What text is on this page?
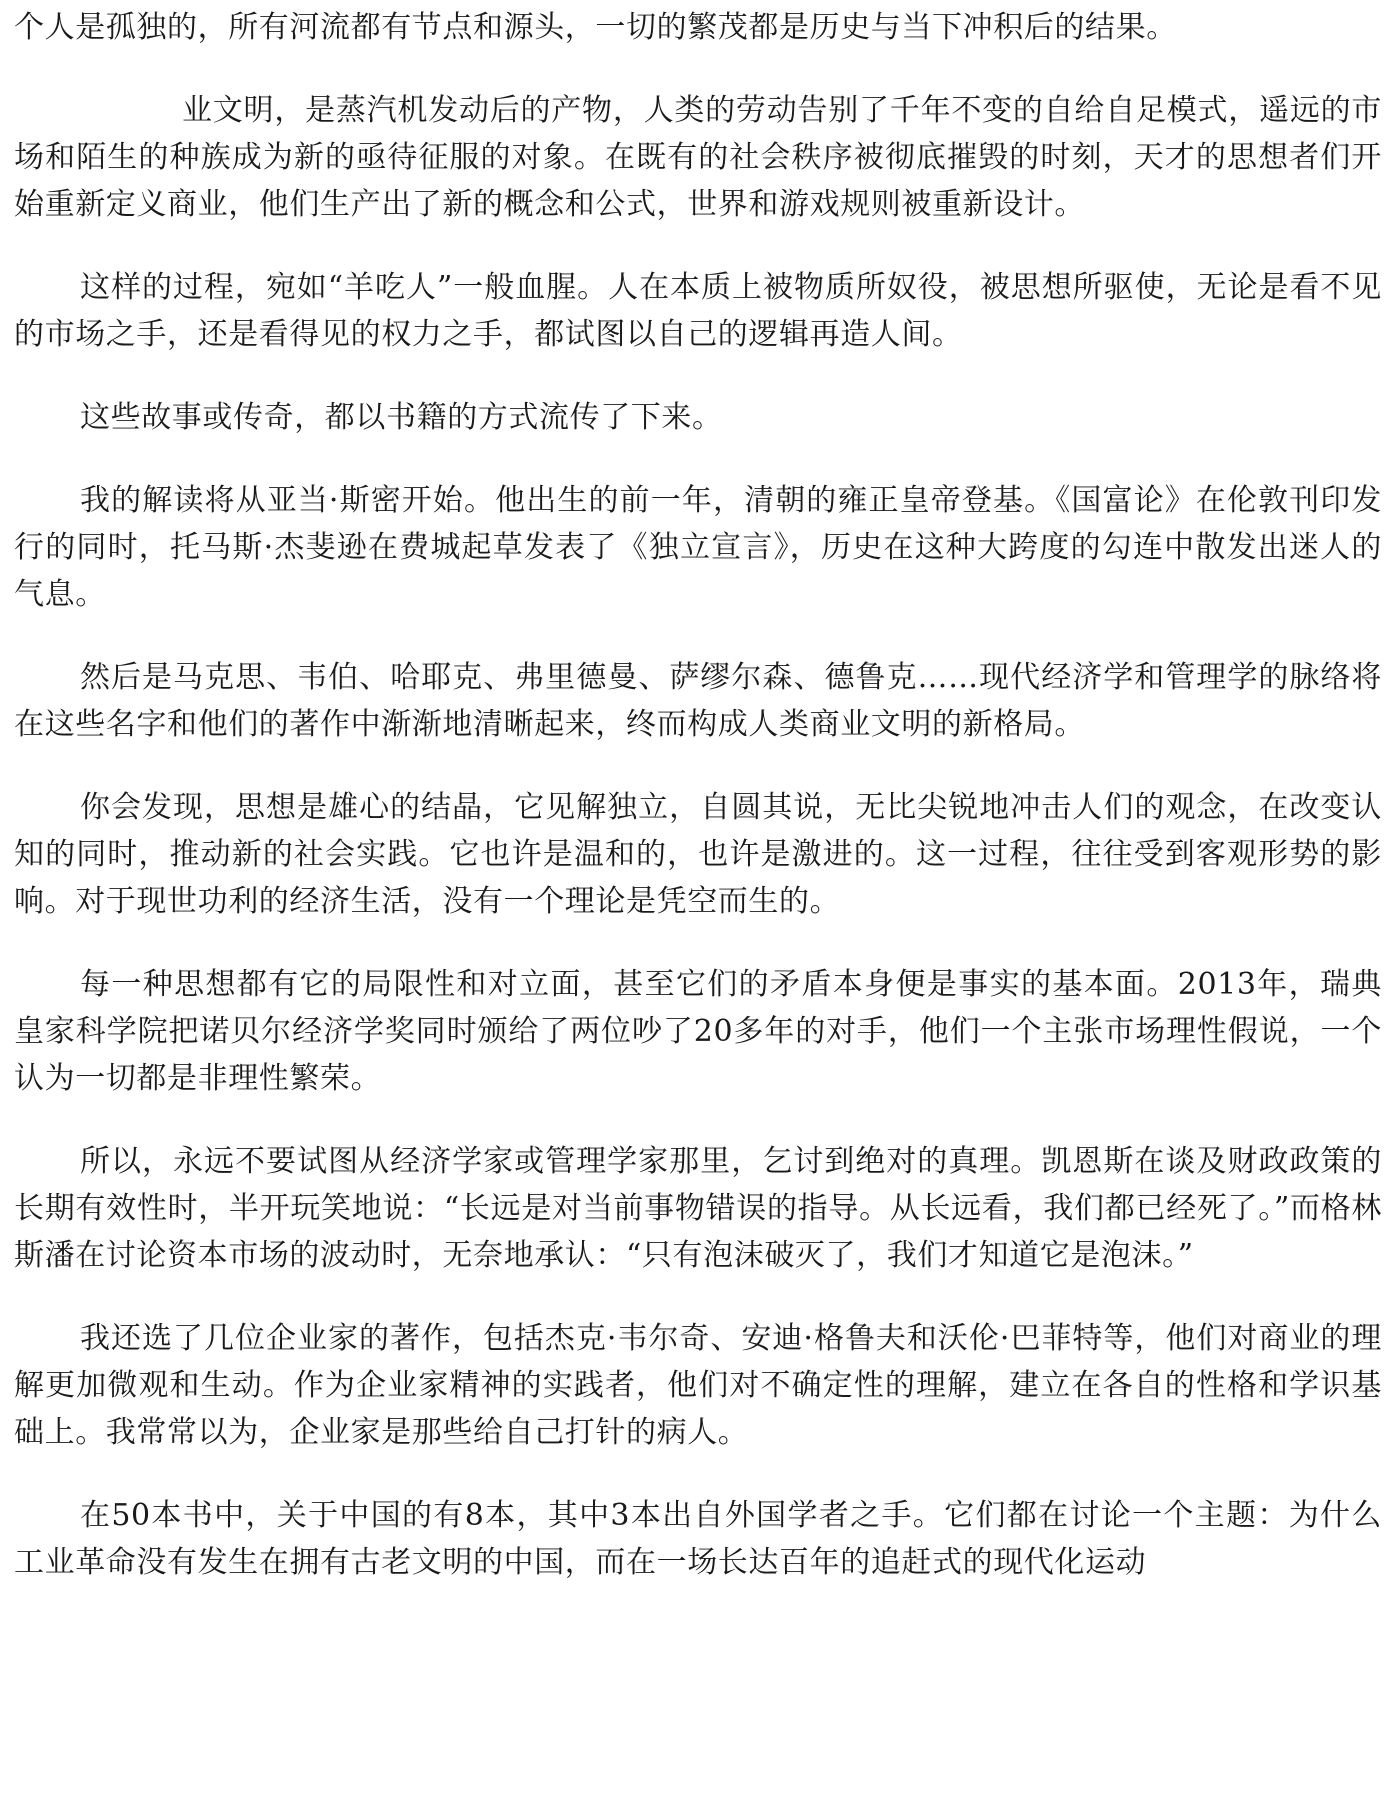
个人是孤独的，所有河流都有节点和源头，一切的繁茂都是历史与当下冲积后的结果。

业文明，是蒸汽机发动后的产物，人类的劳动告别了千年不变的自给自足模式，遥远的市场和陌生的种族成为新的亟待征服的对象。在既有的社会秩序被彻底摧毁的时刻，天才的思想者们开始重新定义商业，他们生产出了新的概念和公式，世界和游戏规则被重新设计。

这样的过程，宛如“羊吃人”一般血腥。人在本质上被物质所奴役，被思想所驱使，无论是看不见的市场之手，还是看得见的权力之手，都试图以自己的逻辑再造人间。

这些故事或传奇，都以书籍的方式流传了下来。

我的解读将从亚当·斯密开始。他出生的前一年，清朝的雍正皇帝登基。《国富论》在伦敦刊印发行的同时，托马斯·杰斐逊在费城起草发表了《独立宣言》，历史在这种大跨度的勾连中散发出迷人的气息。

然后是马克思、韦伯、哈耶克、弗里德曼、萨缪尔森、德鲁克……现代经济学和管理学的脉络将在这些名字和他们的著作中渐渐地清晰起来，终而构成人类商业文明的新格局。

你会发现，思想是雄心的结晶，它见解独立，自圆其说，无比尖锐地冲击人们的观念，在改变认知的同时，推动新的社会实践。它也许是温和的，也许是激进的。这一过程，往往受到客观形势的影响。对于现世功利的经济生活，没有一个理论是凭空而生的。

每一种思想都有它的局限性和对立面，甚至它们的矛盾本身便是事实的基本面。2013年，瑞典皇家科学院把诺贝尔经济学奖同时颁给了两位吵了20多年的对手，他们一个主张市场理性假说，一个认为一切都是非理性繁荣。

所以，永远不要试图从经济学家或管理学家那里，乞讨到绝对的真理。凯恩斯在谈及财政政策的长期有效性时，半开玩笑地说：“长远是对当前事物错误的指导。从长远看，我们都已经死了。”而格林斯潘在讨论资本市场的波动时，无奈地承认：“只有泡沫破灭了，我们才知道它是泡沫。”

我还选了几位企业家的著作，包括杰克·韦尔奇、安迪·格鲁夫和沃伦·巴菲特等，他们对商业的理解更加微观和生动。作为企业家精神的实践者，他们对不确定性的理解，建立在各自的性格和学识基础上。我常常以为，企业家是那些给自己打针的病人。

在50本书中，关于中国的有8本，其中3本出自外国学者之手。它们都在讨论一个主题：为什么工业革命没有发生在拥有古老文明的中国，而在一场长达百年的追赶式的现代化运动
